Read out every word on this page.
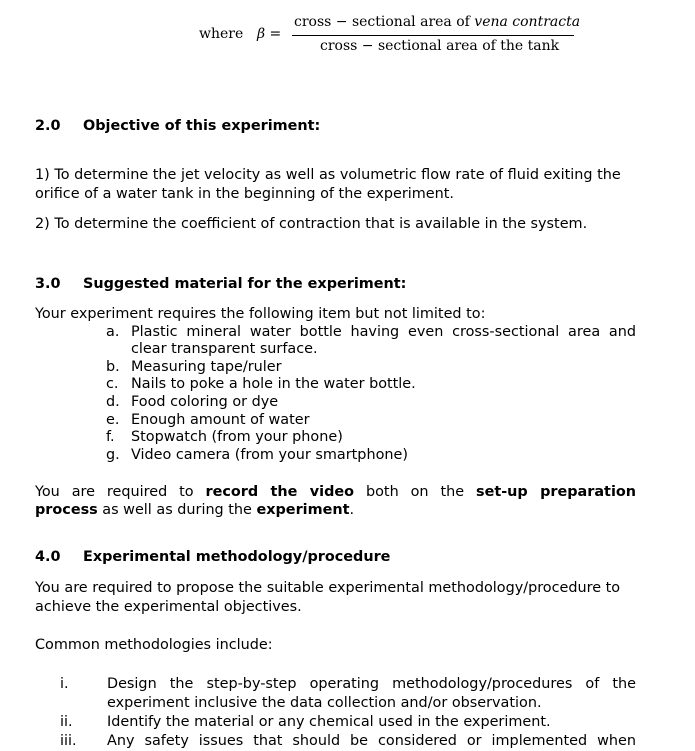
where β =
cross − sectional area of vena contracta
cross − sectional area of the tank
2.0 Objective of this experiment:
1) To determine the jet velocity as well as volumetric flow rate of fluid exiting the
orifice of a water tank in the beginning of the experiment.
2) To determine the coefficient of contraction that is available in the system.
3.0 Suggested material for the experiment:
Your experiment requires the following item but not limited to:
a. Plastic mineral water bottle having even cross-sectional area and
clear transparent surface.
b. Measuring tape/ruler
c. Nails to poke a hole in the water bottle.
d. Food coloring or dye
e. Enough amount of water
f. Stopwatch (from your phone)
g. Video camera (from your smartphone)
You are required to record the video both on the set-up preparation
process as well as during the experiment.
4.0 Experimental methodology/procedure
You are required to propose the suitable experimental methodology/procedure to
achieve the experimental objectives.
Common methodologies include:
i.	Design the step-by-step operating methodology/procedures of the
experiment inclusive the data collection and/or observation.
ii. Identify the material or any chemical used in the experiment.
iii. Any safety issues that should be considered or implemented when
